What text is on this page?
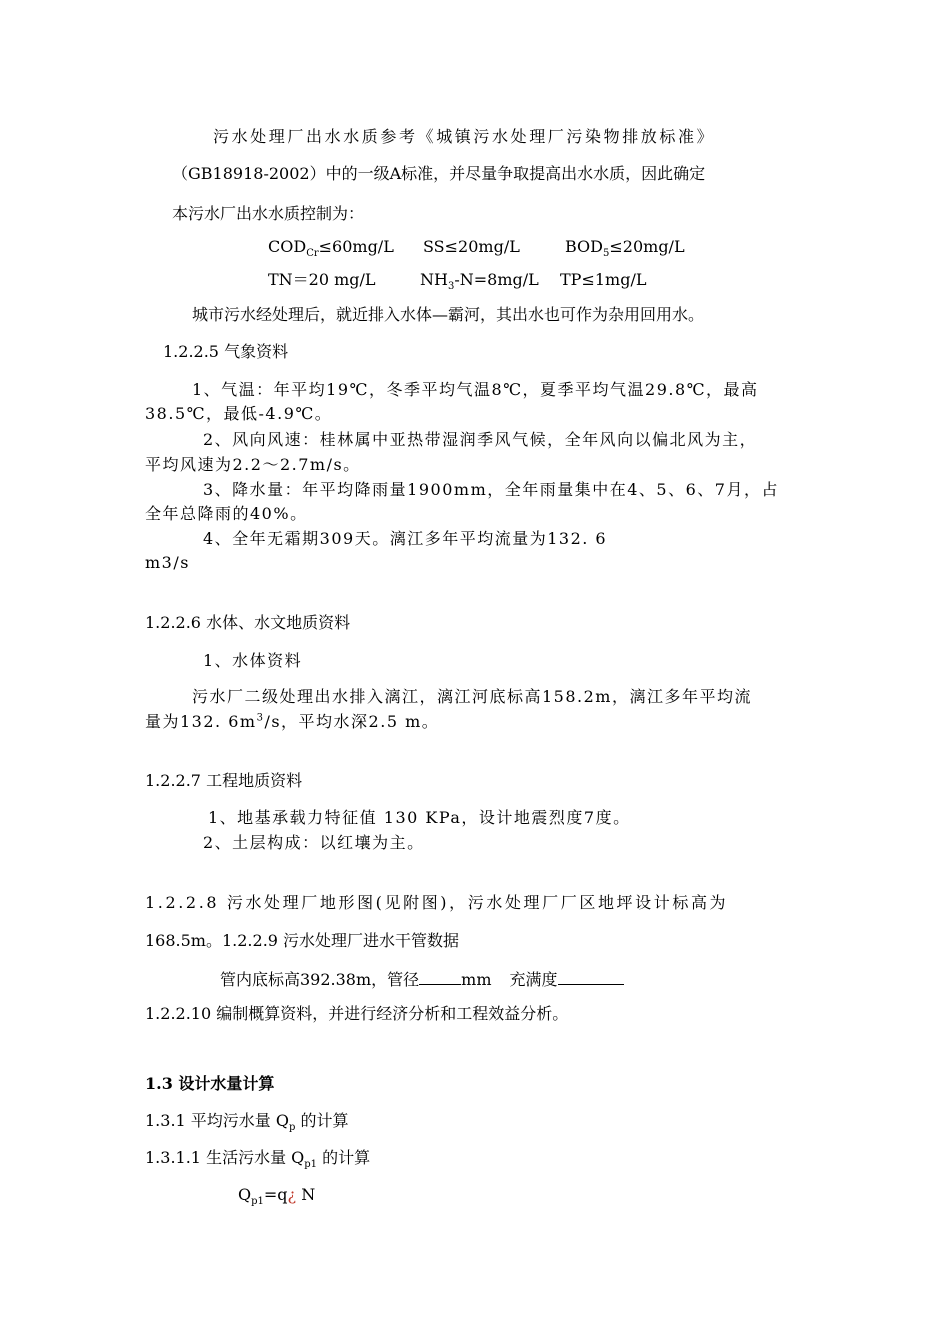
污水处理厂出水水质参考《城镇污水处理厂污染物排放标准》
（GB18918-2002）中的一级A标准，并尽量争取提高出水水质，因此确定
本污水厂出水水质控制为：
$COD_{Cr}\le 60mg/L$ SS≤20mg/L	$BOD_5\le 20mg/L$
TN＝20 mg/L	$NH_3-N=8mg/L$ TP≤1mg/L
城市污水经处理后，就近排入水体—霸河，其出水也可作为杂用回用水。
1.2.2.5 气象资料
1、气温：年平均19℃，冬季平均气温8℃，夏季平均气温29.8℃，最高
38.5℃，最低-4.9℃。
2、风向风速：桂林属中亚热带湿润季风气候，全年风向以偏北风为主，
平均风速为2.2～2.7m/s。
3、降水量：年平均降雨量1900mm，全年雨量集中在4、5、6、7月，占
全年总降雨的40%。
4、全年无霜期309天。漓江多年平均流量为132. 6
m3/s
1.2.2.6 水体、水文地质资料
1、水体资料
污水厂二级处理出水排入漓江，漓江河底标高158.2m，漓江多年平均流
量为132. $6m^3/s$，平均水深2.5 m。
1.2.2.7 工程地质资料
1、地基承载力特征值 130 KPa，设计地震烈度7度。
2、土层构成：以红壤为主。
1.2.2.8 污水处理厂地形图(见附图)，污水处理厂厂区地坪设计标高为
168.5m。1.2.2.9 污水处理厂进水干管数据
管内底标高392.38m，管径	mm 充满度
1.2.2.10 编制概算资料，并进行经济分析和工程效益分析。
1.3 设计水量计算
1.3.1 平均污水量 $Q_p$ 的计算
1.3.1.1 生活污水量 $Q_{p1}$ 的计算
$Q_{p1}=q¿$ N
